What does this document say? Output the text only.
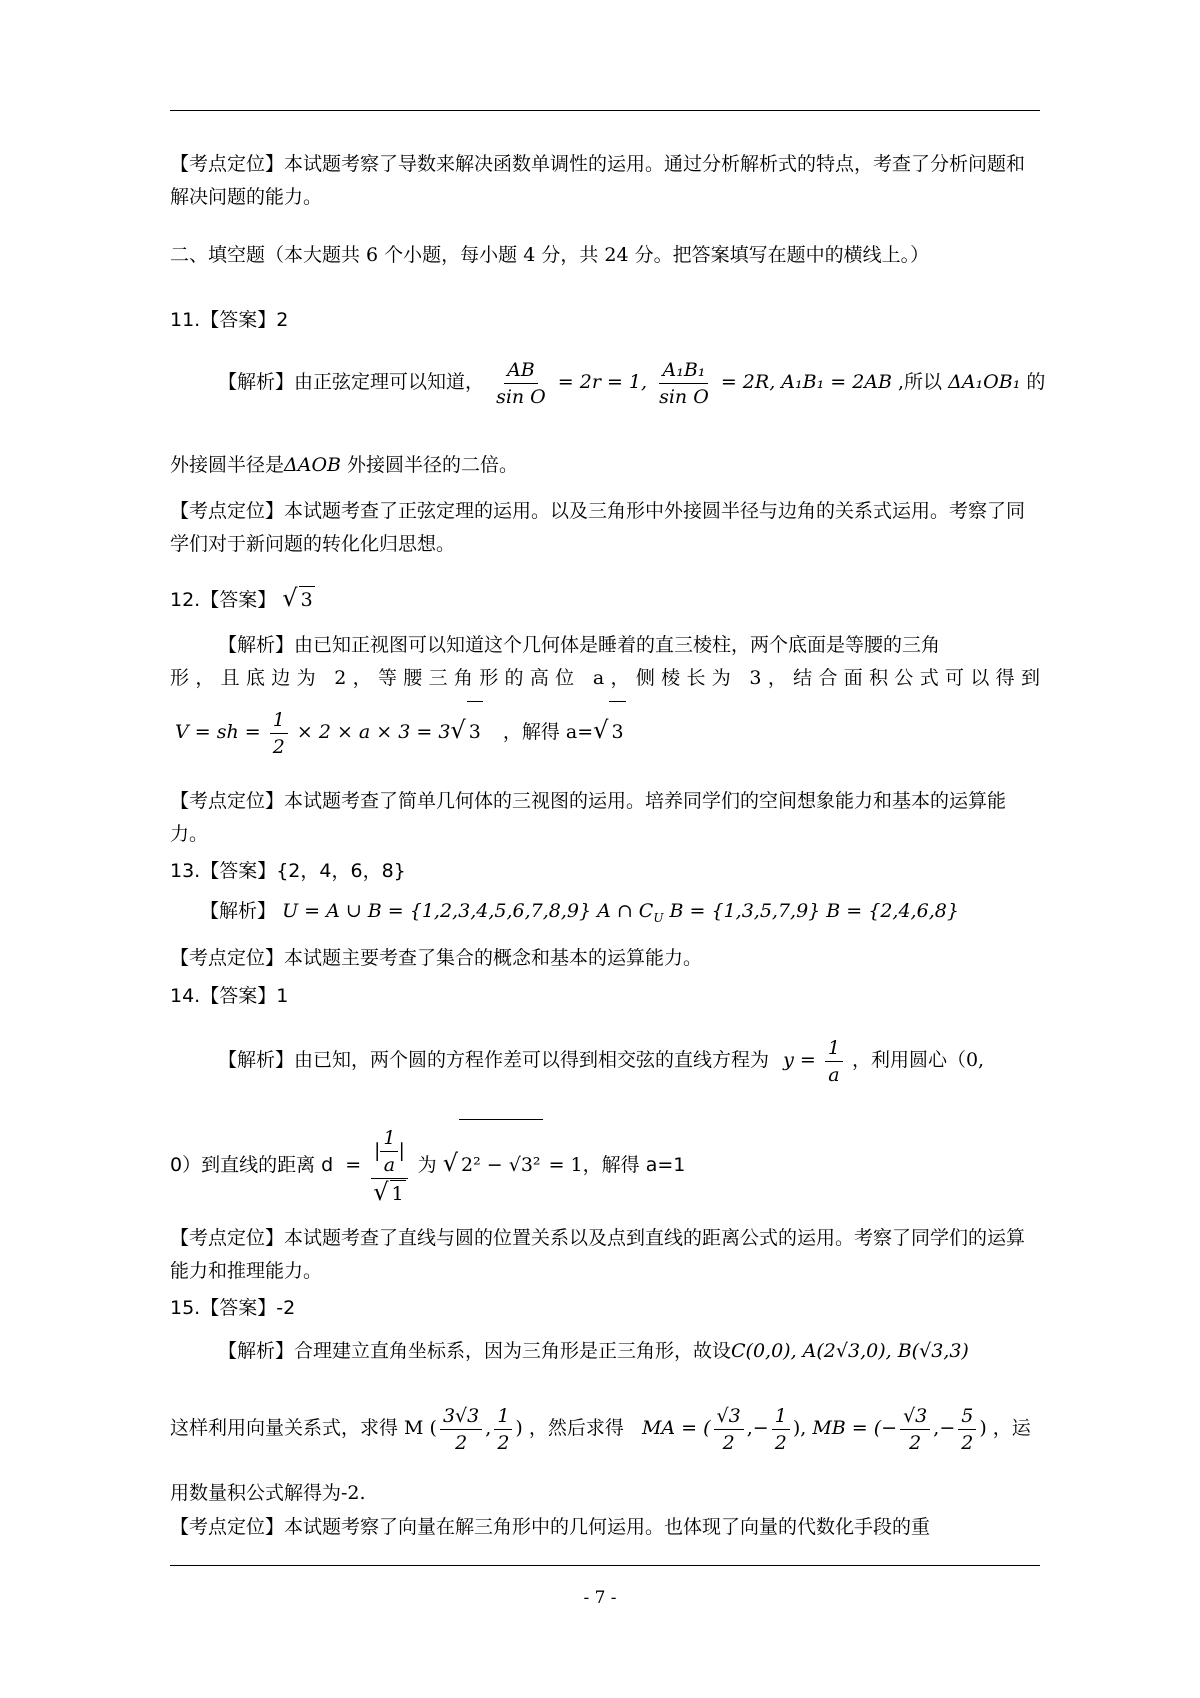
【考点定位】本试题考察了导数来解决函数单调性的运用。通过分析解析式的特点，考查了分析问题和解决问题的能力。
二、填空题（本大题共 6 个小题，每小题 4 分，共 24 分。把答案填写在题中的横线上。）
11.【答案】2
【解析】由正弦定理可以知道， $\frac{AB}{\text{sin O}} = 2r = 1$, $\frac{\text{A₁B₁}}{\text{sin O}} = 2R$, A₁B₁ = 2AB ,所以 ΔA₁OB₁ 的
外接圆半径是ΔAOB 外接圆半径的二倍。
【考点定位】本试题考查了正弦定理的运用。以及三角形中外接圆半径与边角的关系式运用。考察了同学们对于新问题的转化化归思想。
12.【答案】 √ 3
【解析】由已知正视图可以知道这个几何体是睡着的直三棱柱，两个底面是等腰的三角
形，且底边为 2，等腰三角形的高位 a，侧棱长为 3，结合面积公式可以得到
V = sh = $\frac{1}{2} \times 2 \times a \times 3 = 3√$ 3 ，解得 a=√ 3
【考点定位】本试题考查了简单几何体的三视图的运用。培养同学们的空间想象能力和基本的运算能力。
13.【答案】{2，4，6，8}
【解析】 U = A ∪ B = {1,2,3,4,5,6,7,8,9} A ∩ $C_U$ B = {1,3,5,7,9} B = {2,4,6,8}
【考点定位】本试题主要考查了集合的概念和基本的运算能力。
14.【答案】1
【解析】由已知，两个圆的方程作差可以得到相交弦的直线方程为 $y = \frac{1}{a}$ ，利用圆心（0,
0）到直线的距离 $d = \frac{| \frac{1}{a} |}{√ 1}$ 为 √ 2² − √3² = 1，解得 a=1
【考点定位】本试题考查了直线与圆的位置关系以及点到直线的距离公式的运用。考察了同学们的运算能力和推理能力。
15.【答案】-2
【解析】合理建立直角坐标系，因为三角形是正三角形，故设C(0,0), A(2√3,0), B(√3,3)
这样利用向量关系式，求得 M ( $\frac{3√3}{2}$ , $\frac{1}{2}$ ) ，然后求得 MA = ( $\frac{√3}{2}$ ,− $\frac{1}{2}$ ), MB = (− $\frac{√3}{2}$ ,− $\frac{5}{2}$ ) ，运
用数量积公式解得为-2.
【考点定位】本试题考察了向量在解三角形中的几何运用。也体现了向量的代数化手段的重
- 7 -
